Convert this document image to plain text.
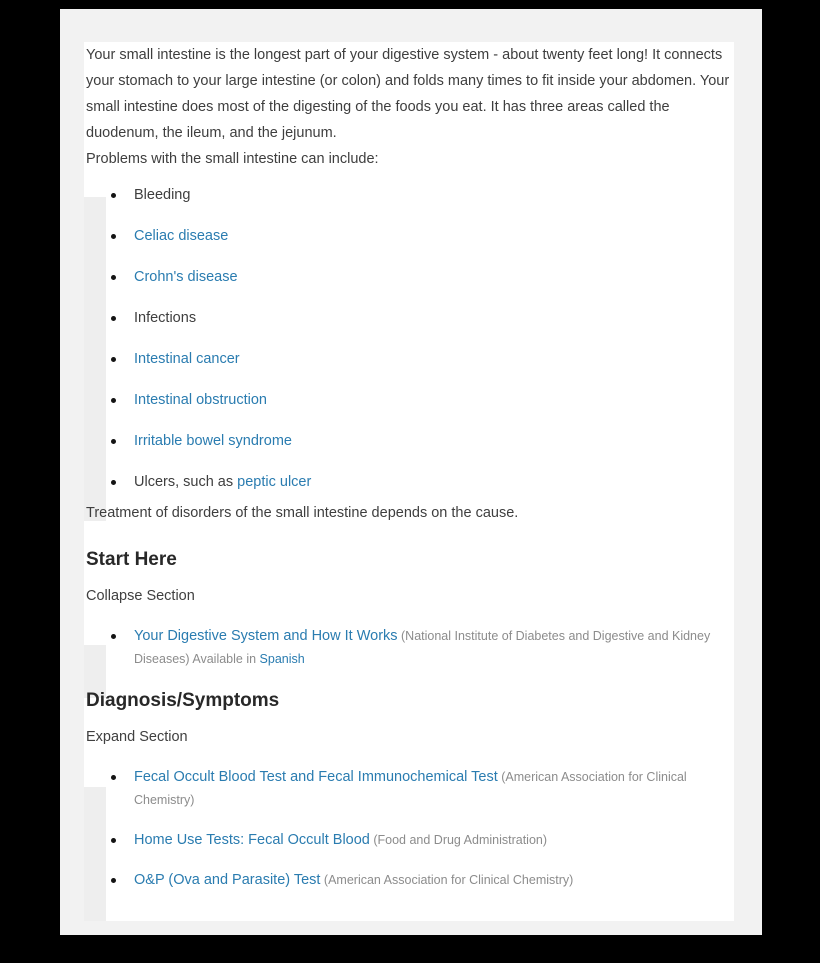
Your small intestine is the longest part of your digestive system - about twenty feet long! It connects your stomach to your large intestine (or colon) and folds many times to fit inside your abdomen. Your small intestine does most of the digesting of the foods you eat. It has three areas called the duodenum, the ileum, and the jejunum.

Problems with the small intestine can include:

Bleeding
Celiac disease
Crohn's disease
Infections
Intestinal cancer
Intestinal obstruction
Irritable bowel syndrome
Ulcers, such as peptic ulcer

Treatment of disorders of the small intestine depends on the cause.

Start Here

Collapse Section

Your Digestive System and How It Works (National Institute of Diabetes and Digestive and Kidney Diseases) Available in Spanish
Diagnosis/Symptoms

Expand Section

Fecal Occult Blood Test and Fecal Immunochemical Test (American Association for Clinical Chemistry)
Home Use Tests: Fecal Occult Blood (Food and Drug Administration)
O&P (Ova and Parasite) Test (American Association for Clinical Chemistry)
